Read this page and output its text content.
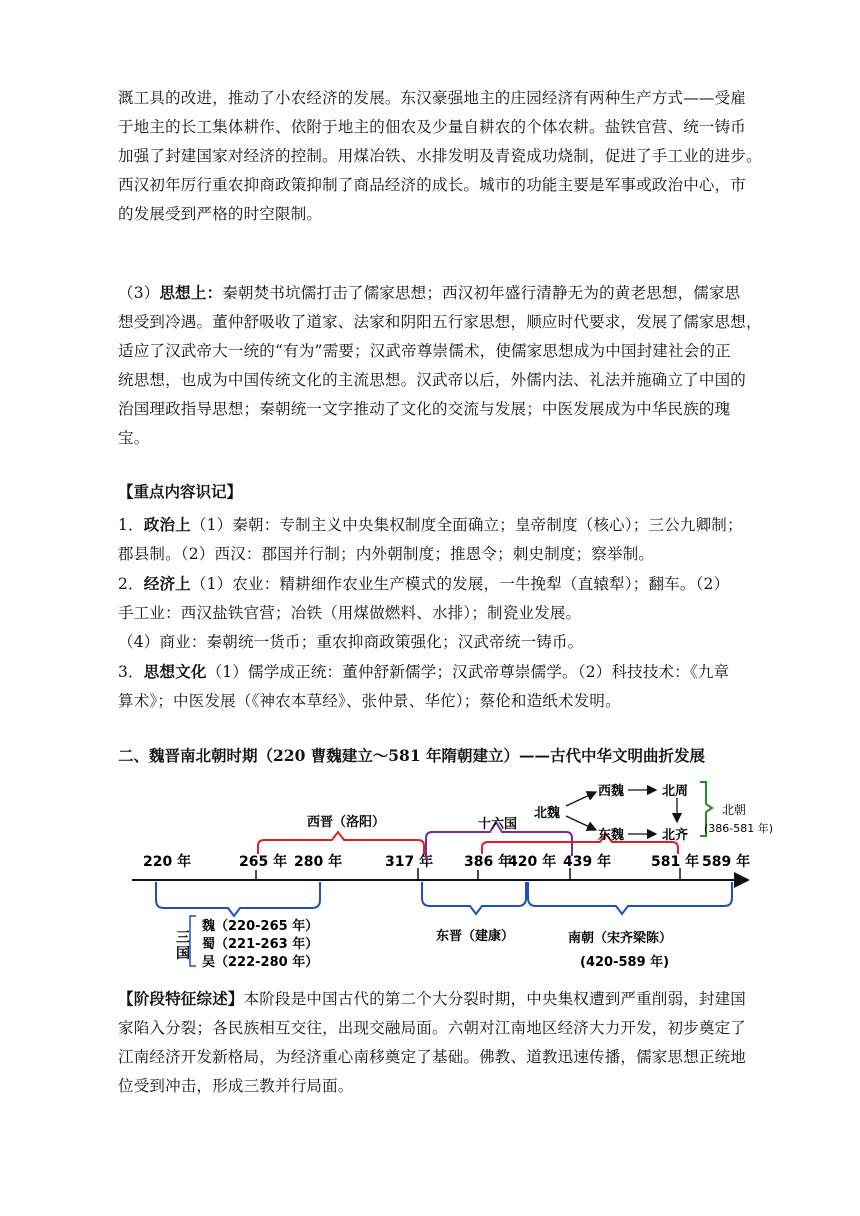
溉工具的改进，推动了小农经济的发展。东汉豪强地主的庄园经济有两种生产方式——受雇
于地主的长工集体耕作、依附于地主的佃农及少量自耕农的个体农耕。盐铁官营、统一铸币
加强了封建国家对经济的控制。用煤冶铁、水排发明及青瓷成功烧制，促进了手工业的进步。
西汉初年厉行重农抑商政策抑制了商品经济的成长。城市的功能主要是军事或政治中心，市
的发展受到严格的时空限制。
（3）思想上：秦朝焚书坑儒打击了儒家思想；西汉初年盛行清静无为的黄老思想，儒家思
想受到冷遇。董仲舒吸收了道家、法家和阴阳五行家思想，顺应时代要求，发展了儒家思想，
适应了汉武帝大一统的“有为”需要；汉武帝尊崇儒术，使儒家思想成为中国封建社会的正
统思想，也成为中国传统文化的主流思想。汉武帝以后，外儒内法、礼法并施确立了中国的
治国理政指导思想；秦朝统一文字推动了文化的交流与发展；中医发展成为中华民族的瑰
宝。
【重点内容识记】
1．政治上（1）秦朝：专制主义中央集权制度全面确立；皇帝制度（核心）；三公九卿制；
郡县制。（2）西汉：郡国并行制；内外朝制度；推恩令；刺史制度；察举制。
2．经济上（1）农业：精耕细作农业生产模式的发展，一牛挽犁（直辕犁）；翻车。（2）
手工业：西汉盐铁官营；冶铁（用煤做燃料、水排）；制瓷业发展。
（4）商业：秦朝统一货币；重农抑商政策强化；汉武帝统一铸币。
3．思想文化（1）儒学成正统：董仲舒新儒学；汉武帝尊崇儒学。（2）科技技术：《九章
算术》；中医发展（《神农本草经》、张仲景、华佗）；蔡伦和造纸术发明。
二、魏晋南北朝时期（220 曹魏建立～581 年隋朝建立）——古代中华文明曲折发展
220 年	265 年 280 年	317 年 386 年
420 年 439 年	581 年 589 年
西晋（洛阳）	十六国
北魏
西魏
东魏
北周
北齐
北朝
(386-581 年)
三
国
魏（220-265 年）
蜀（221-263 年）
吴（222-280 年）
东晋（建康）	南朝（宋齐梁陈）
(420-589 年)
【阶段特征综述】本阶段是中国古代的第二个大分裂时期，中央集权遭到严重削弱，封建国
家陷入分裂；各民族相互交往，出现交融局面。六朝对江南地区经济大力开发，初步奠定了
江南经济开发新格局，为经济重心南移奠定了基础。佛教、道教迅速传播，儒家思想正统地
位受到冲击，形成三教并行局面。
